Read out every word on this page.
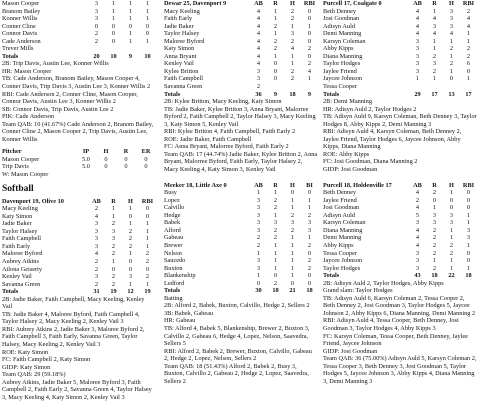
Mason Cooper	3	1	1	1
Branom Bailey	3	1	1	1
Konner Willis	3	1	1	1
Conner Cline	0	0	0	0
Connor Davis	2	0	1	0
Cade Anderson	2	0	1	1
Trever Mills
Totals	20	10	9	10

2B: Trip Davis, Austin Lee, Konner Willis

HR: Mason Cooper

TB: Cade Anderson, Branom Bailey, Mason Cooper 4, Conner Davis, Trip Davis 3, Austin Lee 3, Konner Willis 2

RBI: Cade Anderson 2, Conner Cline, Mason Cooper, Connor Davis, Austin Lee 3, Konner Willis 2

SB: Connor Davis, Trip Davis, Austin Lee 2

PIK: Cade Anderson

Team QAB: 10 (41.67%) Cade Anderson 2, Branom Bailey, Conner Cline 2, Mason Cooper 2, Trip Davis, Austin Lee, Konner Willis

Pitcher	IP	H	R	ER
Mason Cooper	5.0	0	0	0
Trip Davis	5.0	0	0	0

W: Mason Cooper

Softball
Davenport 19, Olive 10	AB	R	H	RBI
Macy Keeling	2	1	1	0
Katy Simon	4	1	0	0
Jadie Baker	3	2	1	1
Taylor Halsey	3	3	2	1
Faith Campbell	3	3	2	1
Faith Early	3	2	2	1
Maloree Byford	4	2	1	2
Aubrey Atkins	2	1	0	2
Atlona Geiserty	2	0	0	0
Kenley Vail	3	2	3	2
Savanna Green	2	2	1	1
Totals	31	19	12	19

2B: Jadie Baker, Faith Campbell, Macy Keeling, Kenley Vail

TB: Jadie Baker 4, Maloree Byford, Faith Campbell 4, Taylor Halsey 2, Macy Keeling 2, Kenley Vail 3

RBI: Aubrey Atkins 2, Jadie Baker 3, Maloree Byford 2, Faith Campbell 3, Faith Early, Savanna Green, Taylor Halsey, Macy Keeling 2, Kenley Vail 3

ROE: Katy Simon

FC: Faith Campbell 2, Katy Simon

GIDP: Katy Simon

Team QAB: 29 (59.18%)

Aubrey Atkins, Jadie Baker 5, Maloree Byford 3, Faith Campbell 2, Faith Early 2, Savanna Green 4, Taylor Halsey 3, Macy Keeling 4, Katy Simon 2, Kenley Vail 3

Dewar 25, Davenport 9	AB	R	H	RBI
Macy Keeling	4	1	2	0
Faith Early	4	1	2	0
Jadie Baker	4	2	1	1
Taylor Halsey	4	1	3	0
Maloree Byford	4	2	2	0
Katy Simon	4	2	4	2
Anna Bryant	4	1	1	0
Kenley Vail	4	0	1	2
Kylee Britton	3	0	2	4
Faith Campbell	3	0	2	1
Savanna Green	2
Totals	36	9	18	9

2B: Kylee Britton, Macy Keeling, Katy Simon

TB: Jadie Baker, Kylee Britton 3, Anna Bryant, Malorree Byford 2, Faith Campbell 2, Taylor Halsey 3, Macy Keeling 3, Katy Simon 5, Kenley Vail

RBI: Kylee Britton 4, Faith Campbell, Faith Early 2

ROE: Jadie Baker, Faith Campbell

FC: Anna Bryant, Malorree Byford, Faith Early 2

Team QAB: 17 (44.74%) Jadie Baker, Kylee Britton 2, Anna Bryant, Malorree Byford, Faith Early, Taylor Halsey 2, Macy Keeling 4, Katy Simon 3, Kenley Vail

Meeker 18, Little Axe 0	AB	R	H	BI
Busy	1	1	0	0
Lopez	3	2	1	1
Calvillo	3	2	1	1
Hedge	3	1	2	2
Babek	3	3	3	3
Alford	3	2	2	3
Gabeau	2	2	1	1
Brewer	2	1	1	2
Nelson	1	1	1	0
Saucedo	3	1	1	2
Buxton	3	1	1	2
Blankenship	1	0	1	0
Ledford	0	2	0	0
Totals	30	18	21	18

Batting

2B: Alford 2, Babek, Buxton, Calvillo, Hedge 2, Sellers 2

3B: Babek, Gabeau

HR: Gabeau

TB: Alford 4, Babek 5, Blankenship, Brewer 2, Buxton 3, Calvillo 2, Gabeau 6, Hedge 4, Lopez, Nelson, Saavedra, Sellers 5

RBI: Alford 2, Babek 2, Brewer, Buxton, Calvillo, Gabeau 2, Hedge 2, Lopez, Nelson, Sellers 2

Team QAB: 18 (51.43%) Alford 2, Babek 2, Busy 3, Buxton, Calvillo 2, Gabeau 2, Hedge 2, Lopez, Saavedra, Sellers 2

Purcell 17, Coalgate 0	AB	R	H	RBI
Beth Denney	4	1	3	2
Josi Goodman	4	4	3	4
Adisyn Auld	4	3	3	4
Demi Manning	4	4	4	1
Karsyn Coleman	3	1	1	1
Abby Kipps	3	1	2	2
Diana Manning	3	2	1	2
Taylor Hodges	3	3	2	6
Jaylee Friend	3	2	1	0
Jaycee Johnson	1	1	0	1
Tessa Cooper
Totals	29	17	13	17

2B: Demi Manning

HR: Adisyn Auld 2, Taylor Hodges 2

TB: Adisyn Auld 9, Karsyn Coleman, Beth Denney 3, Taylor Hodges 8, Abby Kipps 2, Demi Manning 3

RBI: Adisyn Auld 4, Karsyn Coleman, Beth Denney 2, Jaylee Friend, Taylor Hodges 6, Jaycee Johnson, Abby Kipps, Diana Manning

ROE: Abby Kipps

FC: Josi Goodman, Diana Manning 2

GIDP: Josi Goodman

Purcell 18, Holdenville 17	AB	R	H	RBI
Beth Denney	4	2	1	0
Jaylee Friend	2	0	0	0
Josi Goodman	4	1	0	0
Adisyn Auld	5	3	3	1
Karsyn Coleman	3	3	3	1
Diana Manning	4	2	1	3
Demi Manning	4	2	1	3
Abby Kipps	4	2	2	1
Tessa Cooper	3	2	2	0
Jaycee Johnson	3	1	1	0
Taylor Hodges	3	2	1	1
Totals	43	18	22	18

2B: Adisyn Auld 2, Taylor Hodges, Abby Kipps

Grand slam: Taylor Hodges

TB: Adisyn Auld 6, Karsyn Coleman 2, Tessa Cooper 2, Beth Denney 2, Josi Goodman 3, Taylor Hodges 5, Jaycee Johnson 2, Abby Kipps 6, Diana Manning, Demi Manning 2

RBI: Adisyn Auld 4, Tessa Cooper, Beth Denney, Josi Goodman 3, Taylor Hodges 4, Abby Kipps 3

FC: Karsyn Coleman, Tessa Cooper, Beth Denney, Jaylee Friend, Jaycee Johnson

GIDP: Josi Goodman

Team QAB: 36 (75.00%) Adisyn Auld 5, Karsyn Coleman 2, Tessa Cooper 3, Beth Denney 3, Josi Goodman 5, Taylor Hodges 5, Jaycee Johnson 3, Abby Kipps 4, Diana Manning 3, Demi Manning 3
